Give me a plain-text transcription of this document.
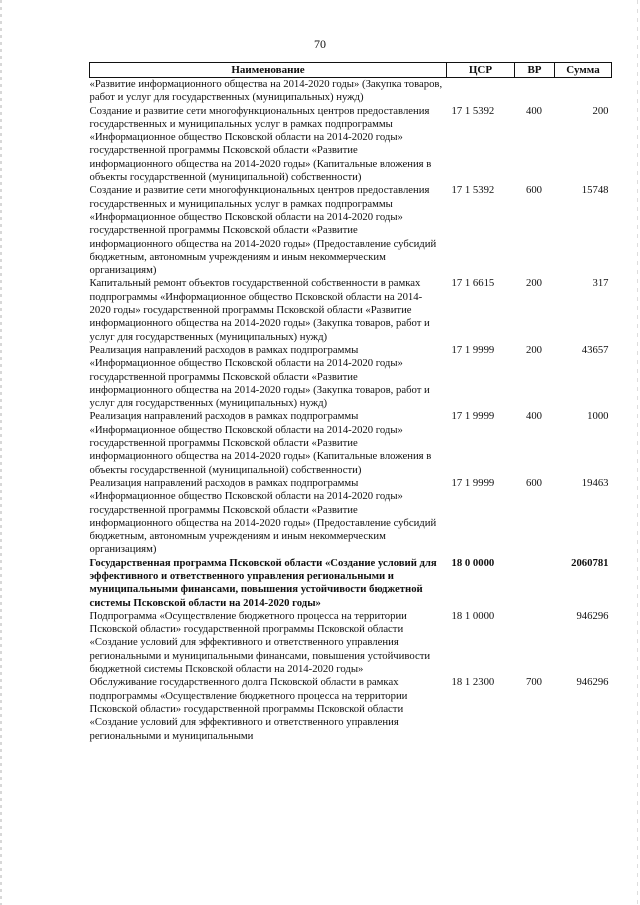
70
Наименование	ЦСР	ВР	Сумма
«Развитие информационного общества на 2014-2020 годы» (Закупка товаров, работ и услуг для государственных (муниципальных) нужд)			
Создание и развитие сети многофункциональных центров предоставления государственных и муниципальных услуг в рамках подпрограммы «Информационное общество Псковской области на 2014-2020 годы» государственной программы Псковской области «Развитие информационного общества на 2014-2020 годы» (Капитальные вложения в объекты государственной (муниципальной) собственности)	17 1 5392	400	200
Создание и развитие сети многофункциональных центров предоставления государственных и муниципальных услуг в рамках подпрограммы «Информационное общество Псковской области на 2014-2020 годы» государственной программы Псковской области «Развитие информационного общества на 2014-2020 годы» (Предоставление субсидий бюджетным, автономным учреждениям и иным некоммерческим организациям)	17 1 5392	600	15748
Капитальный ремонт объектов государственной собственности в рамках подпрограммы «Информационное общество Псковской области на 2014-2020 годы» государственной программы Псковской области «Развитие информационного общества на 2014-2020 годы» (Закупка товаров, работ и услуг для государственных (муниципальных) нужд)	17 1 6615	200	317
Реализация направлений расходов в рамках подпрограммы «Информационное общество Псковской области на 2014-2020 годы» государственной программы Псковской области «Развитие информационного общества на 2014-2020 годы» (Закупка товаров, работ и услуг для государственных (муниципальных) нужд)	17 1 9999	200	43657
Реализация направлений расходов в рамках подпрограммы «Информационное общество Псковской области на 2014-2020 годы» государственной программы Псковской области «Развитие информационного общества на 2014-2020 годы» (Капитальные вложения в объекты государственной (муниципальной) собственности)	17 1 9999	400	1000
Реализация направлений расходов в рамках подпрограммы «Информационное общество Псковской области на 2014-2020 годы» государственной программы Псковской области «Развитие информационного общества на 2014-2020 годы» (Предоставление субсидий бюджетным, автономным учреждениям и иным некоммерческим организациям)	17 1 9999	600	19463
Государственная программа Псковской области «Создание условий для эффективного и ответственного управления региональными и муниципальными финансами, повышения устойчивости бюджетной системы Псковской области на 2014-2020 годы»	18 0 0000		2060781
Подпрограмма «Осуществление бюджетного процесса на территории Псковской области» государственной программы Псковской области «Создание условий для эффективного и ответственного управления региональными и муниципальными финансами, повышения устойчивости бюджетной системы Псковской области на 2014-2020 годы»	18 1 0000		946296
Обслуживание государственного долга Псковской области в рамках подпрограммы «Осуществление бюджетного процесса на территории Псковской области» государственной программы Псковской области «Создание условий для эффективного и ответственного управления региональными и муниципальными	18 1 2300	700	946296
